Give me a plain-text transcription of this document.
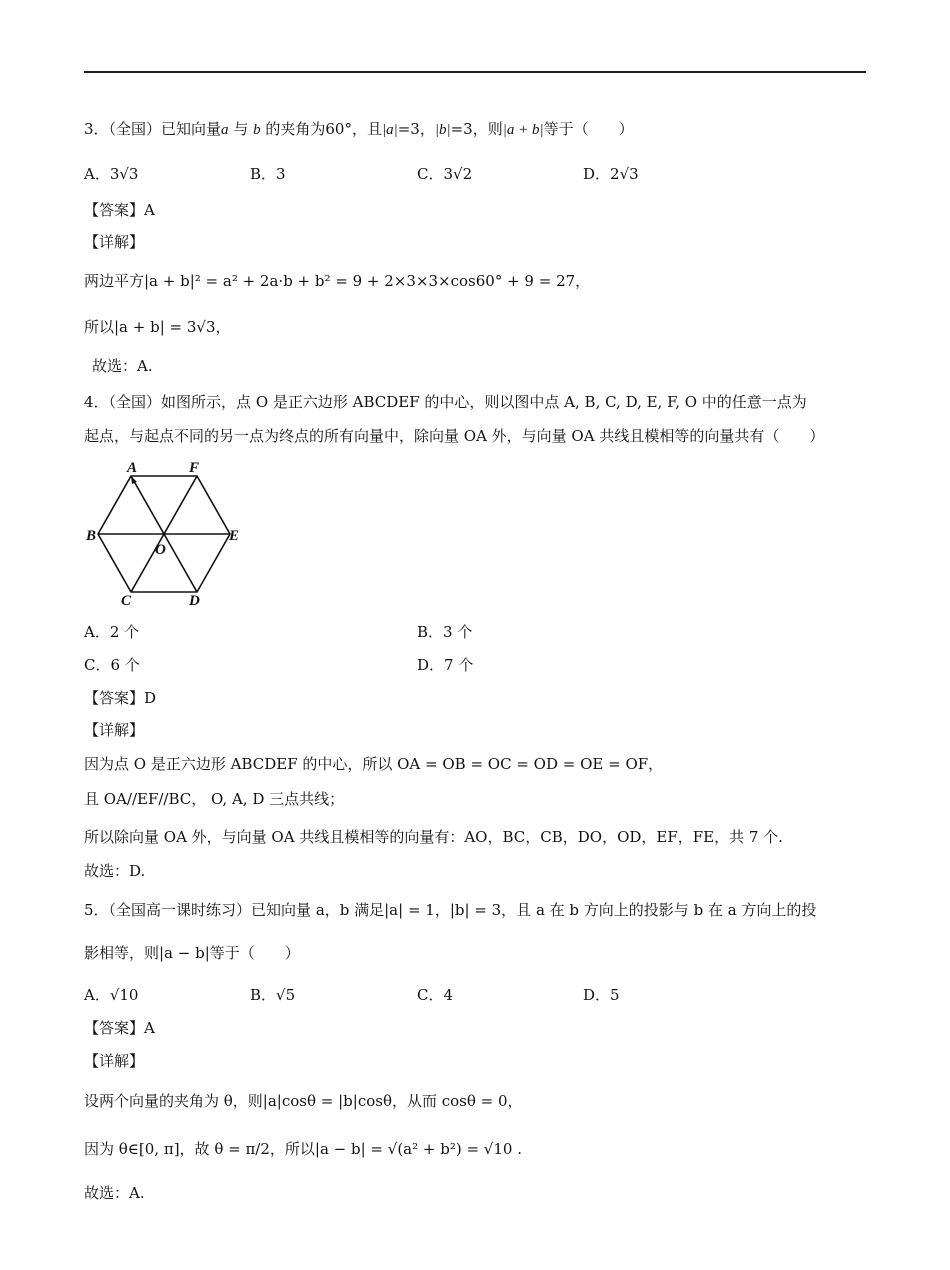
3．（全国）已知向量a 与 b 的夹角为60°，且|a|=3，|b|=3，则|a + b|等于（　　）
A．3√3	B．3	C．3√2	D．2√3
【答案】A
【详解】
两边平方|a + b|² = a² + 2a·b + b² = 9 + 2×3×3×cos60° + 9 = 27，
所以|a + b| = 3√3，
故选：A.
4．（全国）如图所示，点 O 是正六边形 ABCDEF 的中心，则以图中点 A, B, C, D, E, F, O 中的任意一点为
起点，与起点不同的另一点为终点的所有向量中，除向量 OA 外，与向量 OA 共线且模相等的向量共有（　　）
A	F
B	E
O
C	D
A．2 个	B．3 个
C．6 个	D．7 个
【答案】D
【详解】
因为点 O 是正六边形 ABCDEF 的中心，所以 OA = OB = OC = OD = OE = OF，
且 OA//EF//BC， O, A, D 三点共线；
所以除向量 OA 外，与向量 OA 共线且模相等的向量有：AO，BC，CB，DO，OD，EF，FE，共 7 个.
故选：D.
5．（全国高一课时练习）已知向量 a，b 满足|a| = 1，|b| = 3，且 a 在 b 方向上的投影与 b 在 a 方向上的投
影相等，则|a − b|等于（　　）
A．√10	B．√5	C．4	D．5
【答案】A
【详解】
设两个向量的夹角为 θ，则|a|cosθ = |b|cosθ，从而 cosθ = 0，
因为 θ∈[0, π]，故 θ = π/2，所以|a − b| = √(a² + b²) = √10 .
故选：A.
